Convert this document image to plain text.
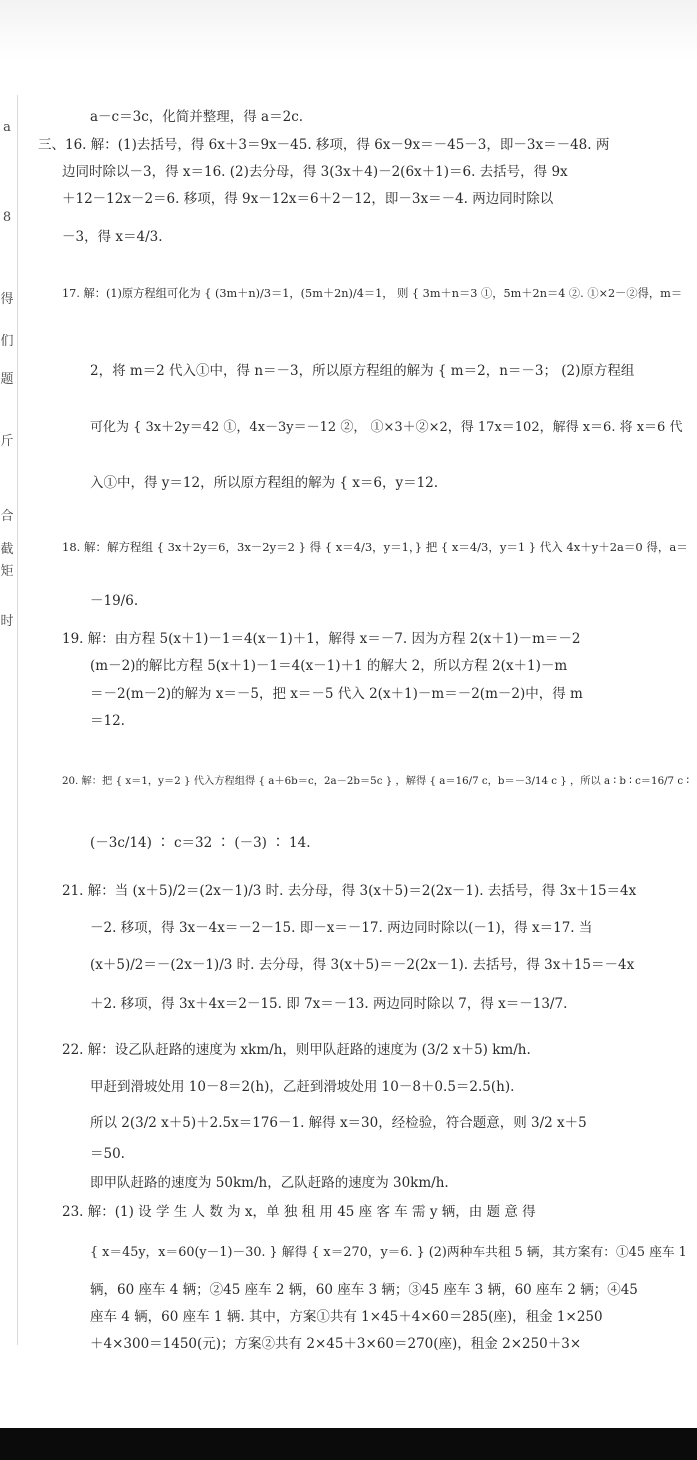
a
8
得
们
题
斤
合
截
矩
时
a－c＝3c，化简并整理，得 a＝2c.
三、16. 解：(1)去括号，得 6x＋3＝9x－45. 移项，得 6x－9x＝－45－3，即－3x＝－48. 两
边同时除以－3，得 x＝16. (2)去分母，得 3(3x＋4)－2(6x＋1)＝6. 去括号，得 9x
＋12－12x－2＝6. 移项，得 9x－12x＝6＋2－12，即－3x＝－4. 两边同时除以
－3，得 x＝4/3.
17. 解：(1)原方程组可化为 { (3m＋n)/3＝1，(5m＋2n)/4＝1， 则 { 3m＋n＝3 ①，5m＋2n＝4 ②. ①×2－②得，m＝
2，将 m＝2 代入①中，得 n＝－3，所以原方程组的解为 { m＝2，n＝－3； (2)原方程组
可化为 { 3x＋2y＝42 ①，4x－3y＝－12 ②， ①×3＋②×2，得 17x＝102，解得 x＝6. 将 x＝6 代
入①中，得 y＝12，所以原方程组的解为 { x＝6，y＝12.
18. 解：解方程组 { 3x＋2y＝6，3x－2y＝2 } 得 { x＝4/3，y＝1，} 把 { x＝4/3，y＝1 } 代入 4x＋y＋2a＝0 得，a＝
－19/6.
19. 解：由方程 5(x＋1)－1＝4(x－1)＋1，解得 x＝－7. 因为方程 2(x＋1)－m＝－2
(m－2)的解比方程 5(x＋1)－1＝4(x－1)＋1 的解大 2，所以方程 2(x＋1)－m
＝－2(m－2)的解为 x＝－5，把 x＝－5 代入 2(x＋1)－m＝－2(m－2)中，得 m
＝12.
20. 解：把 { x＝1，y＝2 } 代入方程组得 { a＋6b＝c，2a－2b＝5c } ，解得 { a＝16/7 c，b＝－3/14 c } ，所以 a ∶ b ∶ c＝16/7 c ∶
(－3c/14) ∶ c＝32 ∶ (－3) ∶ 14.
21. 解：当 (x＋5)/2＝(2x－1)/3 时. 去分母，得 3(x＋5)＝2(2x－1). 去括号，得 3x＋15＝4x
－2. 移项，得 3x－4x＝－2－15. 即－x＝－17. 两边同时除以(－1)，得 x＝17. 当
(x＋5)/2＝－(2x－1)/3 时. 去分母，得 3(x＋5)＝－2(2x－1). 去括号，得 3x＋15＝－4x
＋2. 移项，得 3x＋4x＝2－15. 即 7x＝－13. 两边同时除以 7，得 x＝－13/7.
22. 解：设乙队赶路的速度为 xkm/h，则甲队赶路的速度为 (3/2 x＋5) km/h.
甲赶到滑坡处用 10－8＝2(h)，乙赶到滑坡处用 10－8＋0.5＝2.5(h).
所以 2(3/2 x＋5)＋2.5x＝176－1. 解得 x＝30，经检验，符合题意，则 3/2 x＋5
＝50.
即甲队赶路的速度为 50km/h，乙队赶路的速度为 30km/h.
23. 解：(1) 设 学 生 人 数 为 x，单 独 租 用 45 座 客 车 需 y 辆，由 题 意 得
{ x＝45y，x＝60(y－1)－30. } 解得 { x＝270，y＝6. } (2)两种车共租 5 辆，其方案有：①45 座车 1
辆，60 座车 4 辆；②45 座车 2 辆，60 座车 3 辆；③45 座车 3 辆，60 座车 2 辆；④45
座车 4 辆，60 座车 1 辆. 其中，方案①共有 1×45＋4×60＝285(座)，租金 1×250
＋4×300＝1450(元)；方案②共有 2×45＋3×60＝270(座)，租金 2×250＋3×
